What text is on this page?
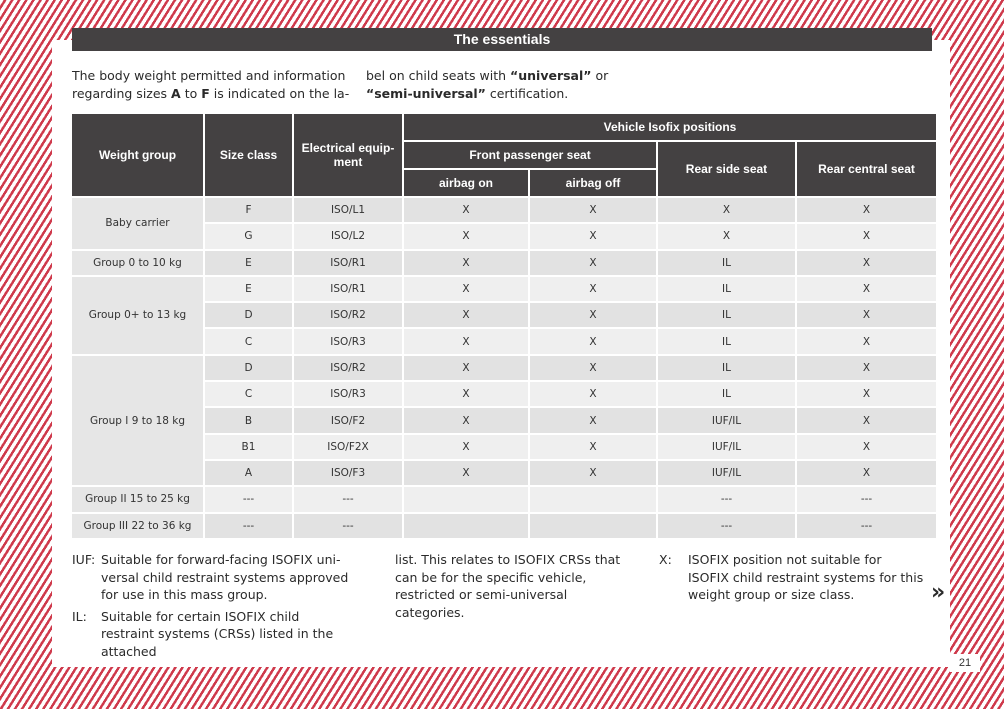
The essentials
The body weight permitted and information regarding sizes A to F is indicated on the la-
bel on child seats with “universal” or “semi-universal” certification.
Weight group	Size class	Electrical equip-ment	Vehicle Isofix positions			
			Front passenger seat		Rear side seat	Rear central seat
			airbag on	airbag off		
Baby carrier	F	ISO/L1	X	X	X	X
	G	ISO/L2	X	X	X	X
Group 0 to 10 kg	E	ISO/R1	X	X	IL	X
Group 0+ to 13 kg	E	ISO/R1	X	X	IL	X
	D	ISO/R2	X	X	IL	X
	C	ISO/R3	X	X	IL	X
Group I 9 to 18 kg	D	ISO/R2	X	X	IL	X
	C	ISO/R3	X	X	IL	X
	B	ISO/F2	X	X	IUF/IL	X
	B1	ISO/F2X	X	X	IUF/IL	X
	A	ISO/F3	X	X	IUF/IL	X
Group II 15 to 25 kg	---	---			---	---
Group III 22 to 36 kg	---	---			---	---
IUF: Suitable for forward-facing ISOFIX uni-versal child restraint systems approved for use in this mass group.
IL:	Suitable for certain ISOFIX child restraint systems (CRSs) listed in the attached
list. This relates to ISOFIX CRSs that can be for the specific vehicle, restricted or semi-universal categories.
X:	ISOFIX position not suitable for ISOFIX child restraint systems for this weight group or size class.	»
21
